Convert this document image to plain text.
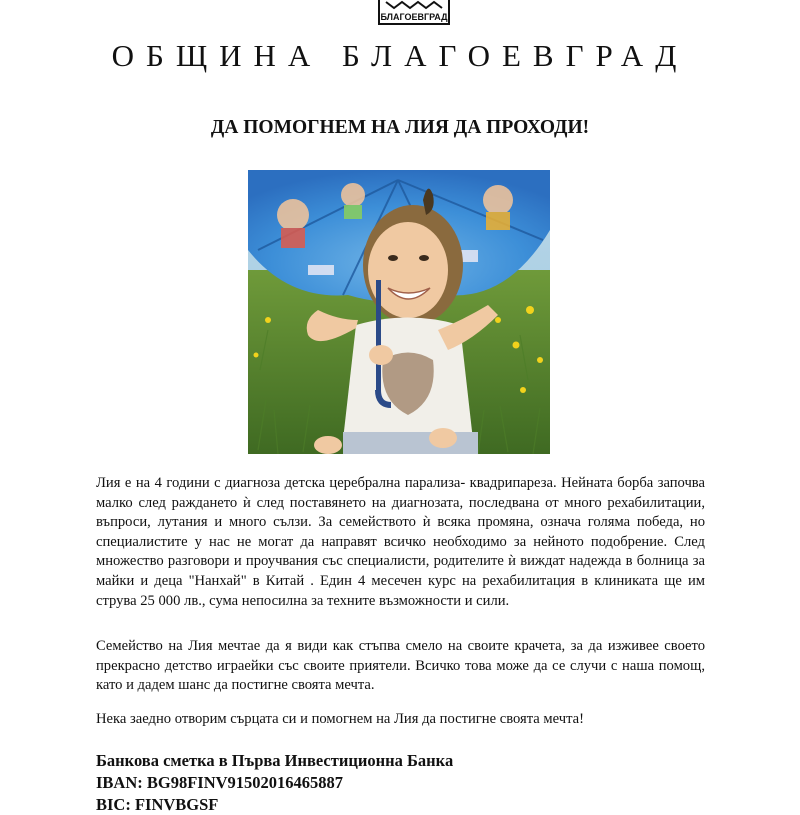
БЛАГОЕВГРАД
ОБЩИНА БЛАГОЕВГРАД
ДА ПОМОГНЕМ НА ЛИЯ ДА ПРОХОДИ!

Лия е на 4 години с диагноза детска церебрална парализа- квадрипареза. Нейната борба започва малко след раждането ѝ след поставянето на диагнозата, последвана от много рехабилитации, въпроси, лутания и много сълзи. За семейството ѝ всяка промяна, означа голяма победа, но специалистите у нас не могат да направят всичко необходимо за нейното подобрение. След множество разговори и проучвания със специалисти, родителите ѝ виждат надежда в болница за майки и деца "Нанхай" в Китай . Един 4 месечен курс на рехабилитация в клиниката ще им струва 25 000 лв., сума непосилна за техните възможности и сили.

Семейство на Лия мечтае да я види как стъпва смело на своите крачета, за да изживее своето прекрасно детство играейки със своите приятели. Всичко това може да се случи с наша помощ, като и дадем шанс да постигне своята мечта.

Нека заедно отворим сърцата си и помогнем на Лия да постигне своята мечта!

Банкова сметка в Първа Инвестиционна Банка

IBAN: BG98FINV91502016465887

BIC: FINVBGSF
